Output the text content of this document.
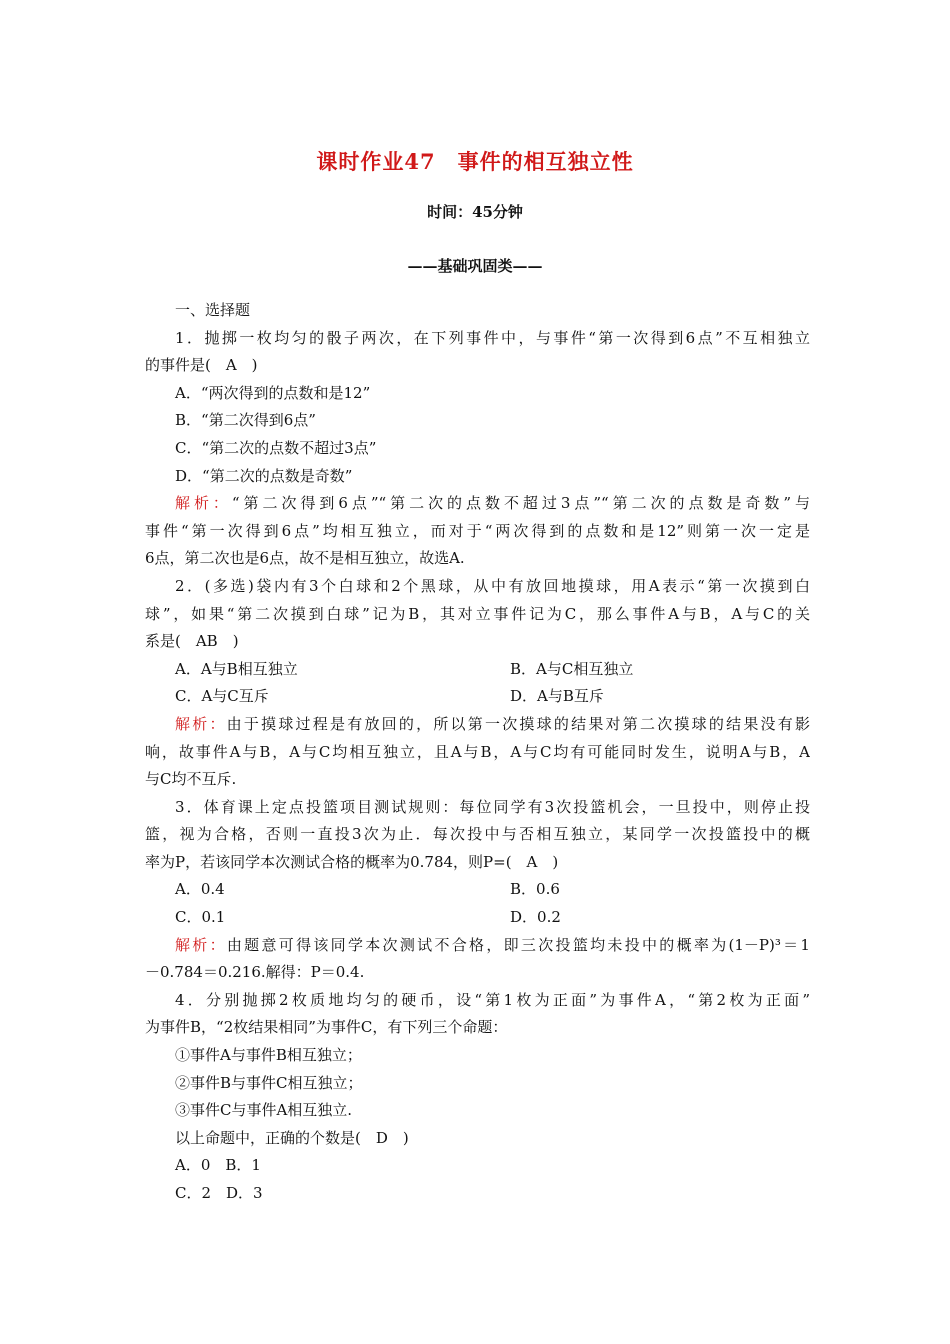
课时作业47 事件的相互独立性
时间：45分钟
——基础巩固类——
一、选择题
1．抛掷一枚均匀的骰子两次，在下列事件中，与事件“第一次得到6点”不互相独立
的事件是(　A　)
A．“两次得到的点数和是12”
B．“第二次得到6点”
C．“第二次的点数不超过3点”
D．“第二次的点数是奇数”
解析：“第二次得到6点”“第二次的点数不超过3点”“第二次的点数是奇数”与
事件“第一次得到6点”均相互独立，而对于“两次得到的点数和是12”则第一次一定是
6点，第二次也是6点，故不是相互独立，故选A.
2．(多选)袋内有3个白球和2个黑球，从中有放回地摸球，用A表示“第一次摸到白
球”，如果“第二次摸到白球”记为B，其对立事件记为C，那么事件A与B，A与C的关
系是(　AB　)
A．A与B相互独立	B．A与C相互独立
C．A与C互斥	D．A与B互斥
解析：由于摸球过程是有放回的，所以第一次摸球的结果对第二次摸球的结果没有影
响，故事件A与B，A与C均相互独立，且A与B，A与C均有可能同时发生，说明A与B，A
与C均不互斥.
3．体育课上定点投篮项目测试规则：每位同学有3次投篮机会，一旦投中，则停止投
篮，视为合格，否则一直投3次为止．每次投中与否相互独立，某同学一次投篮投中的概
率为P，若该同学本次测试合格的概率为0.784，则P=(　A　)
A．0.4	B．0.6
C．0.1	D．0.2
解析：由题意可得该同学本次测试不合格，即三次投篮均未投中的概率为(1－P)³＝1
－0.784＝0.216.解得：P＝0.4.
4．分别抛掷2枚质地均匀的硬币，设“第1枚为正面”为事件A，“第2枚为正面”
为事件B，“2枚结果相同”为事件C，有下列三个命题：
①事件A与事件B相互独立；
②事件B与事件C相互独立；
③事件C与事件A相互独立.
以上命题中，正确的个数是(　D　)
A．0　B．1
C．2　D．3
